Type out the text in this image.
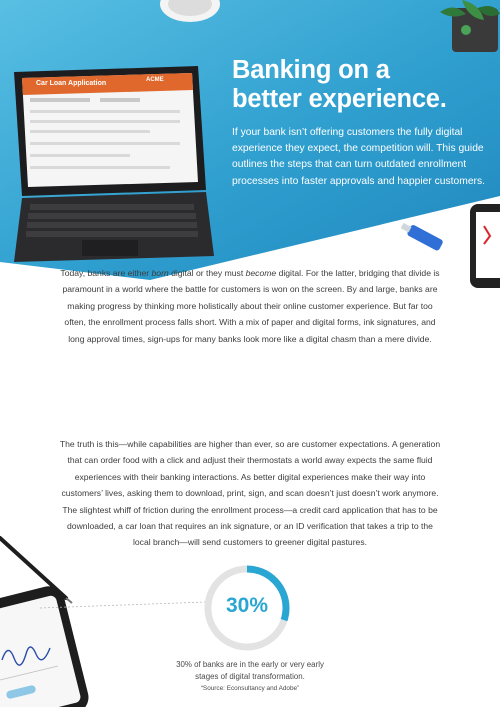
Car Loan Application	ACME	Banking on a
better experience.
If your bank isn’t offering customers the fully digital experience they expect, the competition will. This guide outlines the steps that can turn outdated enrollment processes into faster approvals and happier customers.

Today, banks are either born digital or they must become digital. For the latter, bridging that divide is paramount in a world where the battle for customers is won on the screen. By and large, banks are making progress by thinking more holistically about their online customer experience. But far too often, the enrollment process falls short. With a mix of paper and digital forms, ink signatures, and long approval times, sign-ups for many banks look more like a digital chasm than a mere divide.

The truth is this—while capabilities are higher than ever, so are customer expectations. A generation that can order food with a click and adjust their thermostats a world away expects the same fluid experiences with their banking interactions. As better digital experiences make their way into customers’ lives, asking them to download, print, sign, and scan doesn’t just doesn’t work anymore. The slightest whiff of friction during the enrollment process—a credit card application that has to be downloaded, a car loan that requires an ink signature, or an ID verification that takes a trip to the local branch—will send customers to greener digital pastures.

30%
30% of banks are in the early or very early stages of digital transformation.
“Source: Econsultancy and Adobe”
